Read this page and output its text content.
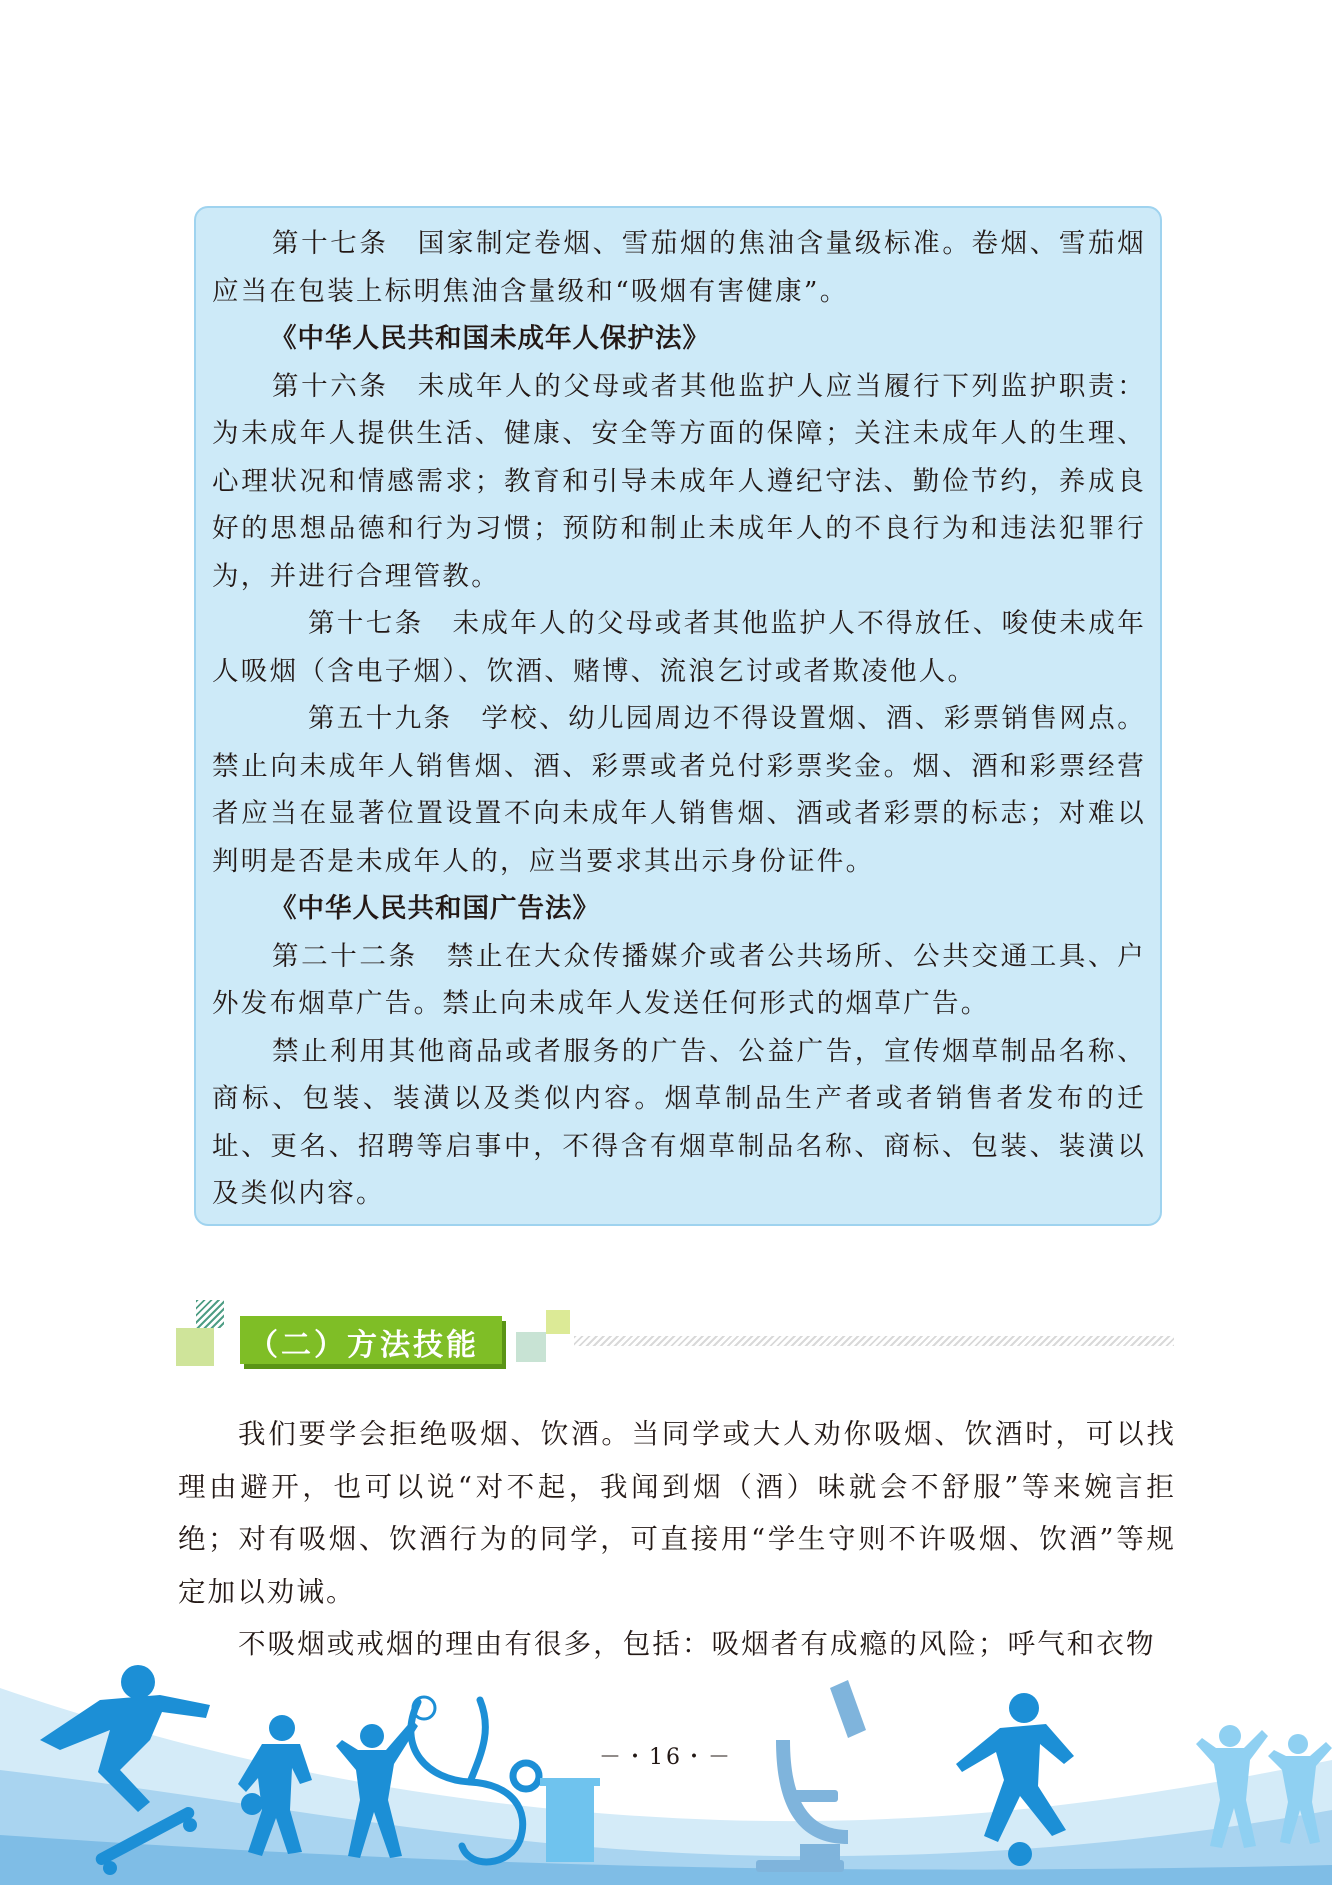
第十七条　国家制定卷烟、雪茄烟的焦油含量级标准。卷烟、雪茄烟应当在包装上标明焦油含量级和“吸烟有害健康”。

《中华人民共和国未成年人保护法》

第十六条　未成年人的父母或者其他监护人应当履行下列监护职责：为未成年人提供生活、健康、安全等方面的保障；关注未成年人的生理、心理状况和情感需求；教育和引导未成年人遵纪守法、勤俭节约，养成良好的思想品德和行为习惯；预防和制止未成年人的不良行为和违法犯罪行为，并进行合理管教。

第十七条　未成年人的父母或者其他监护人不得放任、唆使未成年人吸烟（含电子烟）、饮酒、赌博、流浪乞讨或者欺凌他人。

第五十九条　学校、幼儿园周边不得设置烟、酒、彩票销售网点。禁止向未成年人销售烟、酒、彩票或者兑付彩票奖金。烟、酒和彩票经营者应当在显著位置设置不向未成年人销售烟、酒或者彩票的标志；对难以判明是否是未成年人的，应当要求其出示身份证件。

《中华人民共和国广告法》

第二十二条　禁止在大众传播媒介或者公共场所、公共交通工具、户外发布烟草广告。禁止向未成年人发送任何形式的烟草广告。

禁止利用其他商品或者服务的广告、公益广告，宣传烟草制品名称、商标、包装、装潢以及类似内容。烟草制品生产者或者销售者发布的迁址、更名、招聘等启事中，不得含有烟草制品名称、商标、包装、装潢以及类似内容。

（二）方法技能

我们要学会拒绝吸烟、饮酒。当同学或大人劝你吸烟、饮酒时，可以找理由避开，也可以说“对不起，我闻到烟（酒）味就会不舒服”等来婉言拒绝；对有吸烟、饮酒行为的同学，可直接用“学生守则不许吸烟、饮酒”等规定加以劝诫。

不吸烟或戒烟的理由有很多，包括：吸烟者有成瘾的风险；呼气和衣物

－・16・－
